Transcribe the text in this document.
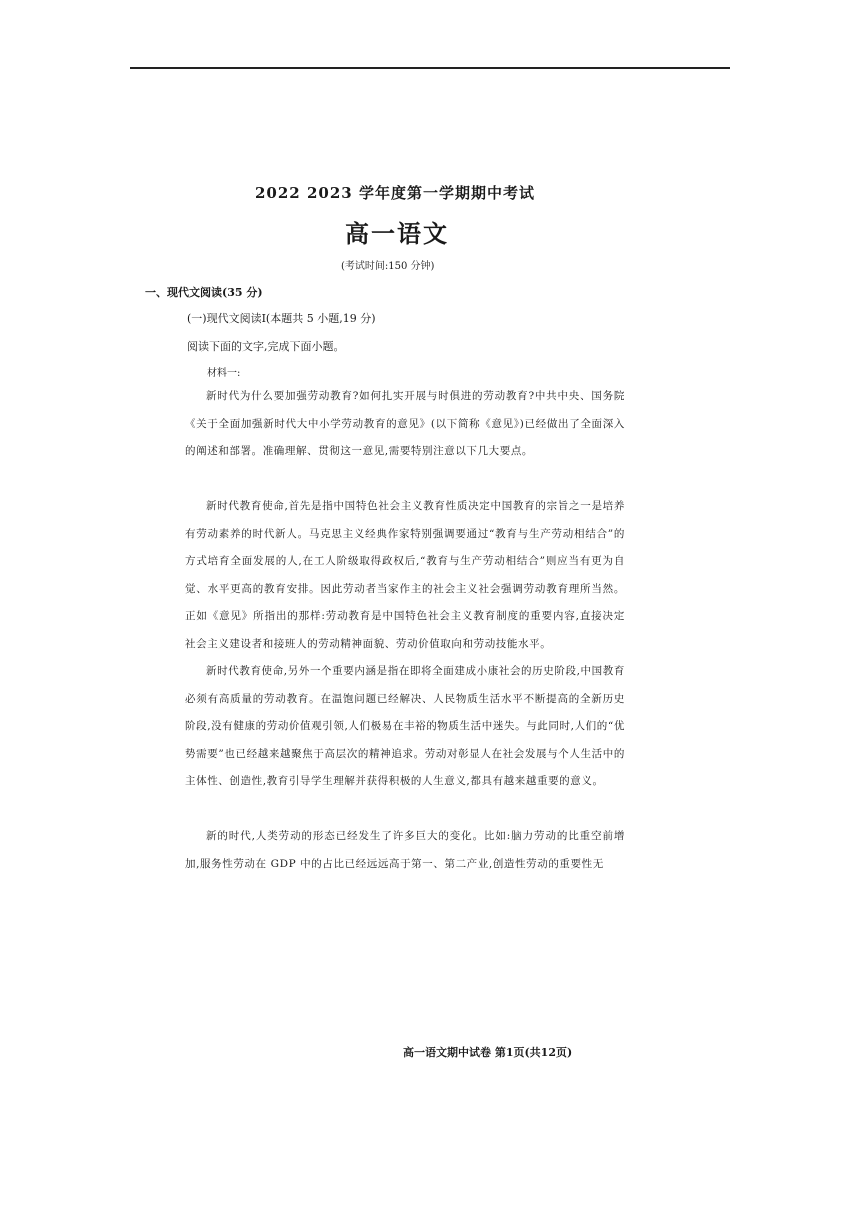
2022 2023 学年度第一学期期中考试
高一语文
(考试时间:150 分钟)
一、现代文阅读(35 分)
(一)现代文阅读Ⅰ(本题共 5 小题,19 分)
阅读下面的文字,完成下面小题。
材料一:

新时代为什么要加强劳动教育?如何扎实开展与时俱进的劳动教育?中共中央、国务院《关于全面加强新时代大中小学劳动教育的意见》(以下简称《意见》)已经做出了全面深入的阐述和部署。准确理解、贯彻这一意见,需要特别注意以下几大要点。

新时代教育使命,首先是指中国特色社会主义教育性质决定中国教育的宗旨之一是培养有劳动素养的时代新人。马克思主义经典作家特别强调要通过“教育与生产劳动相结合”的方式培育全面发展的人,在工人阶级取得政权后,“教育与生产劳动相结合”则应当有更为自觉、水平更高的教育安排。因此劳动者当家作主的社会主义社会强调劳动教育理所当然。正如《意见》所指出的那样:劳动教育是中国特色社会主义教育制度的重要内容,直接决定社会主义建设者和接班人的劳动精神面貌、劳动价值取向和劳动技能水平。

新时代教育使命,另外一个重要内涵是指在即将全面建成小康社会的历史阶段,中国教育必须有高质量的劳动教育。在温饱问题已经解决、人民物质生活水平不断提高的全新历史阶段,没有健康的劳动价值观引领,人们极易在丰裕的物质生活中迷失。与此同时,人们的“优势需要”也已经越来越聚焦于高层次的精神追求。劳动对彰显人在社会发展与个人生活中的主体性、创造性,教育引导学生理解并获得积极的人生意义,都具有越来越重要的意义。

新的时代,人类劳动的形态已经发生了许多巨大的变化。比如:脑力劳动的比重空前增加,服务性劳动在 GDP 中的占比已经远远高于第一、第二产业,创造性劳动的重要性无

高一语文期中试卷 第1页(共12页)
